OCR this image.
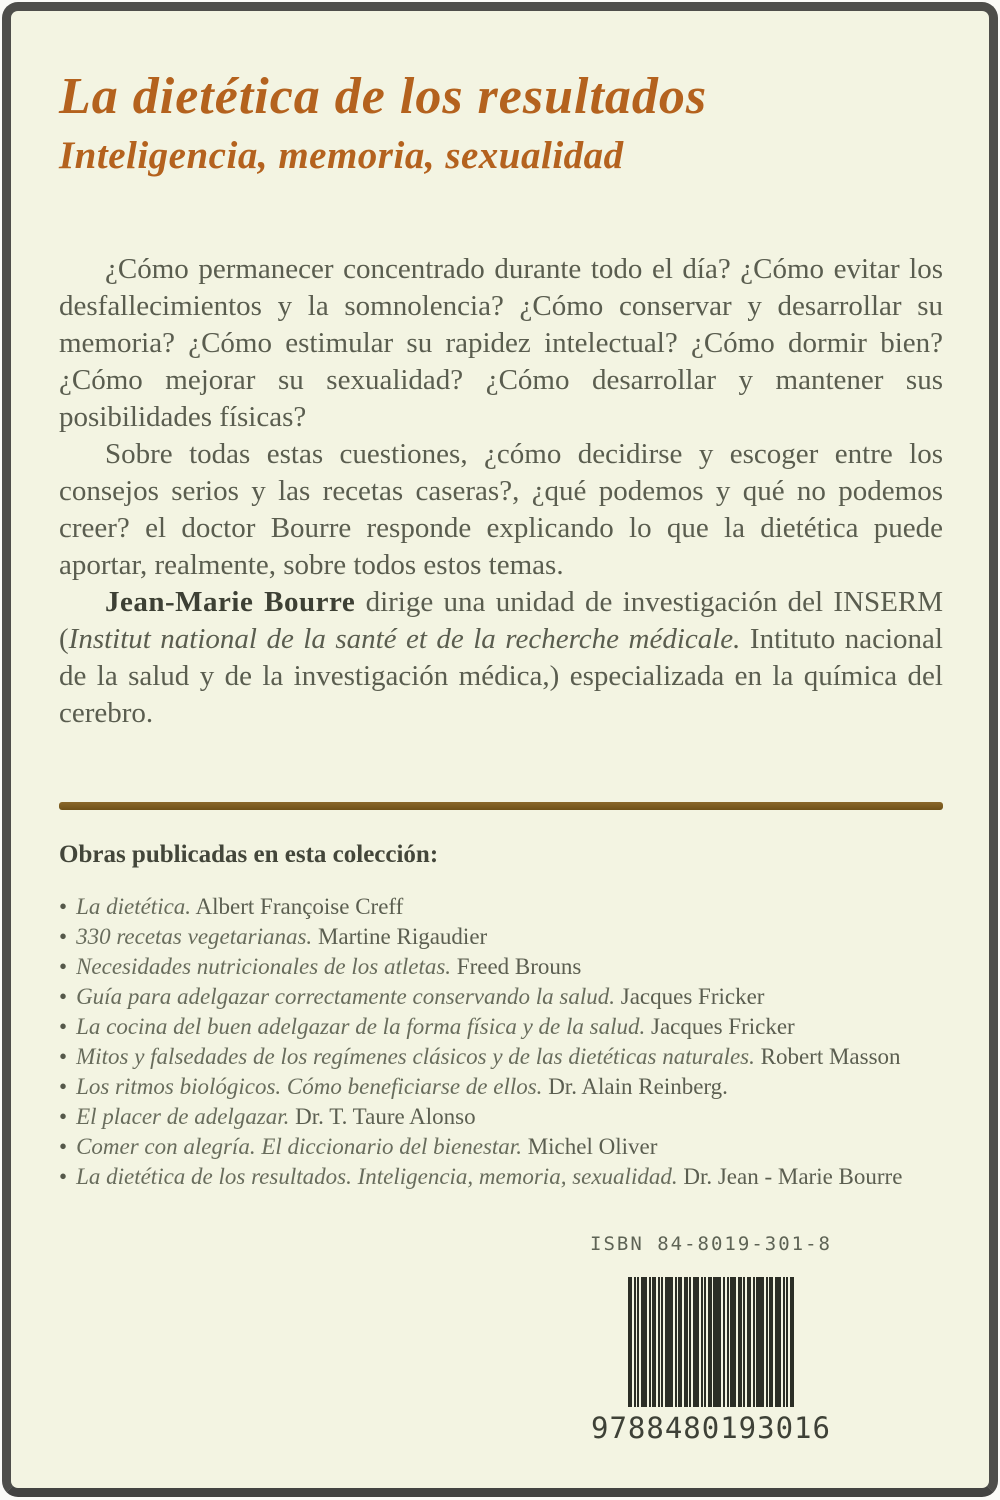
La dietética de los resultados
Inteligencia, memoria, sexualidad

¿Cómo permanecer concentrado durante todo el día? ¿Cómo evitar los desfallecimientos y la somnolencia? ¿Cómo conservar y desarrollar su memoria? ¿Cómo estimular su rapidez intelectual? ¿Cómo dormir bien? ¿Cómo mejorar su sexualidad? ¿Cómo desarrollar y mantener sus posibilidades físicas?

Sobre todas estas cuestiones, ¿cómo decidirse y escoger entre los consejos serios y las recetas caseras?, ¿qué podemos y qué no podemos creer? el doctor Bourre responde explicando lo que la dietética puede aportar, realmente, sobre todos estos temas.

Jean-Marie Bourre dirige una unidad de investigación del INSERM (Institut national de la santé et de la recherche médicale. Intituto nacional de la salud y de la investigación médica,) especializada en la química del cerebro.

Obras publicadas en esta colección:
• La dietética. Albert Françoise Creff
• 330 recetas vegetarianas. Martine Rigaudier
• Necesidades nutricionales de los atletas. Freed Brouns
• Guía para adelgazar correctamente conservando la salud. Jacques Fricker
• La cocina del buen adelgazar de la forma física y de la salud. Jacques Fricker
• Mitos y falsedades de los regímenes clásicos y de las dietéticas naturales. Robert Masson
• Los ritmos biológicos. Cómo beneficiarse de ellos. Dr. Alain Reinberg.
• El placer de adelgazar. Dr. T. Taure Alonso
• Comer con alegría. El diccionario del bienestar. Michel Oliver
• La dietética de los resultados. Inteligencia, memoria, sexualidad. Dr. Jean - Marie Bourre
ISBN 84-8019-301-8
9788480193016
